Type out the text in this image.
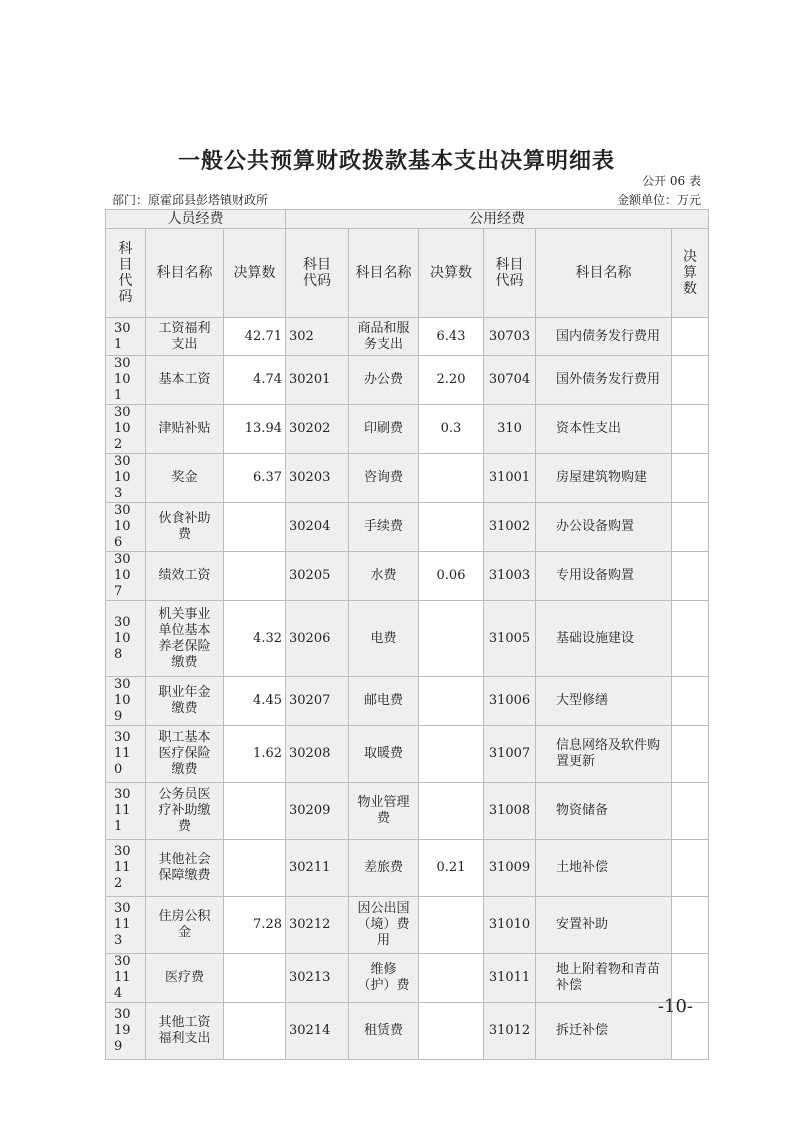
一般公共预算财政拨款基本支出决算明细表
公开 06 表
部门：原霍邱县彭塔镇财政所	金额单位：万元
人员经费			公用经费					
科目代码	科目名称	决算数	科目代码	科目名称	决算数	科目代码	科目名称	决算数
301	工资福利支出	42.71	302	商品和服务支出	6.43	30703	国内债务发行费用	
30101	基本工资	4.74	30201	办公费	2.20	30704	国外债务发行费用	
30102	津贴补贴	13.94	30202	印刷费	0.3	310	资本性支出	
30103	奖金	6.37	30203	咨询费		31001	房屋建筑物购建	
30106	伙食补助费		30204	手续费		31002	办公设备购置	
30107	绩效工资		30205	水费	0.06	31003	专用设备购置	
30108	机关事业单位基本养老保险缴费	4.32	30206	电费		31005	基础设施建设	
30109	职业年金缴费	4.45	30207	邮电费		31006	大型修缮	
30110	职工基本医疗保险缴费	1.62	30208	取暖费		31007	信息网络及软件购置更新	
30111	公务员医疗补助缴费		30209	物业管理费		31008	物资储备	
30112	其他社会保障缴费		30211	差旅费	0.21	31009	土地补偿	
30113	住房公积金	7.28	30212	因公出国（境）费用		31010	安置补助	
30114	医疗费		30213	维修（护）费		31011	地上附着物和青苗补偿	
30199	其他工资福利支出		30214	租赁费		31012	拆迁补偿	
-10-
